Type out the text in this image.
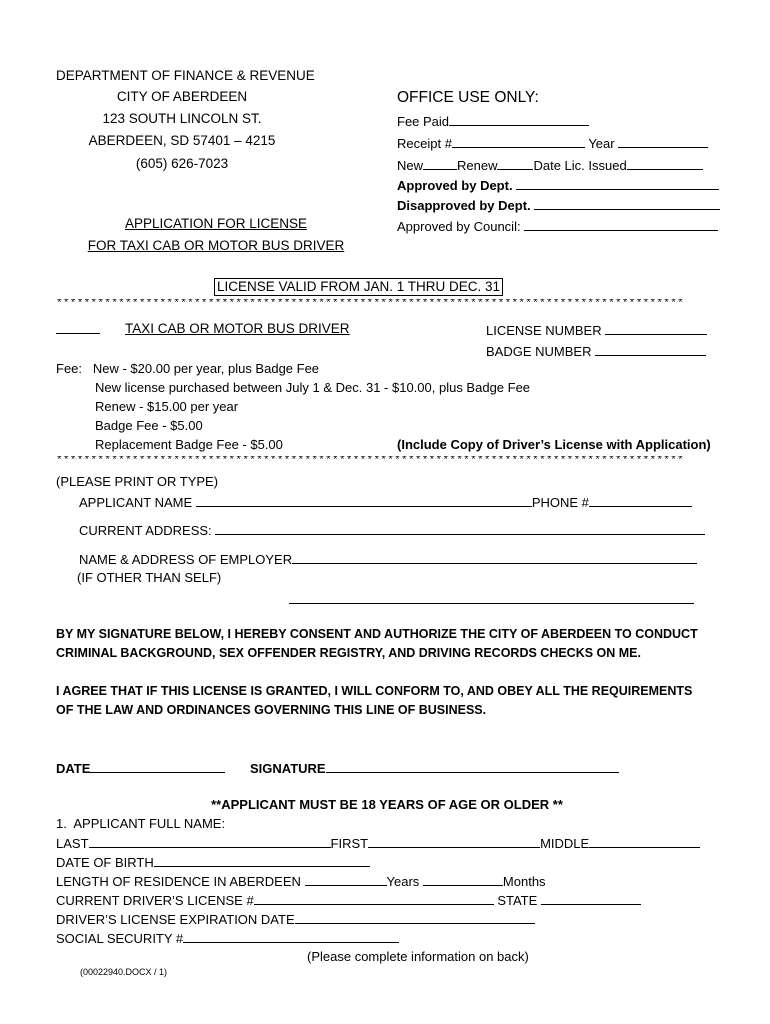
DEPARTMENT OF FINANCE & REVENUE
CITY OF ABERDEEN
123 SOUTH LINCOLN ST.
ABERDEEN, SD 57401 – 4215
(605) 626-7023
OFFICE USE ONLY:
Fee Paid
Receipt #	Year
New	Renew	Date Lic. Issued
Approved by Dept.
Disapproved by Dept.
Approved by Council:
APPLICATION FOR LICENSE
FOR TAXI CAB OR MOTOR BUS DRIVER
LICENSE VALID FROM JAN. 1 THRU DEC. 31
*******************************************************************************************
TAXI CAB OR MOTOR BUS DRIVER	LICENSE NUMBER
BADGE NUMBER
Fee:   New - $20.00 per year, plus Badge Fee
New license purchased between July 1 & Dec. 31 - $10.00, plus Badge Fee
Renew - $15.00 per year
Badge Fee - $5.00
Replacement Badge Fee - $5.00	(Include Copy of Driver’s License with Application)
*******************************************************************************************
(PLEASE PRINT OR TYPE)
APPLICANT NAME	PHONE #
CURRENT ADDRESS:
NAME & ADDRESS OF EMPLOYER
(IF OTHER THAN SELF)
BY MY SIGNATURE BELOW, I HEREBY CONSENT AND AUTHORIZE THE CITY OF ABERDEEN TO CONDUCT
CRIMINAL BACKGROUND, SEX OFFENDER REGISTRY, AND DRIVING RECORDS CHECKS ON ME.
I AGREE THAT IF THIS LICENSE IS GRANTED, I WILL CONFORM TO, AND OBEY ALL THE REQUIREMENTS
OF THE LAW AND ORDINANCES GOVERNING THIS LINE OF BUSINESS.
DATE	SIGNATURE
**APPLICANT MUST BE 18 YEARS OF AGE OR OLDER **
1.  APPLICANT FULL NAME:
LAST	FIRST	MIDDLE
DATE OF BIRTH
LENGTH OF RESIDENCE IN ABERDEEN	Years	Months
CURRENT DRIVER’S LICENSE #	STATE
DRIVER’S LICENSE EXPIRATION DATE
SOCIAL SECURITY #
(Please complete information on back)
(00022940.DOCX / 1)
